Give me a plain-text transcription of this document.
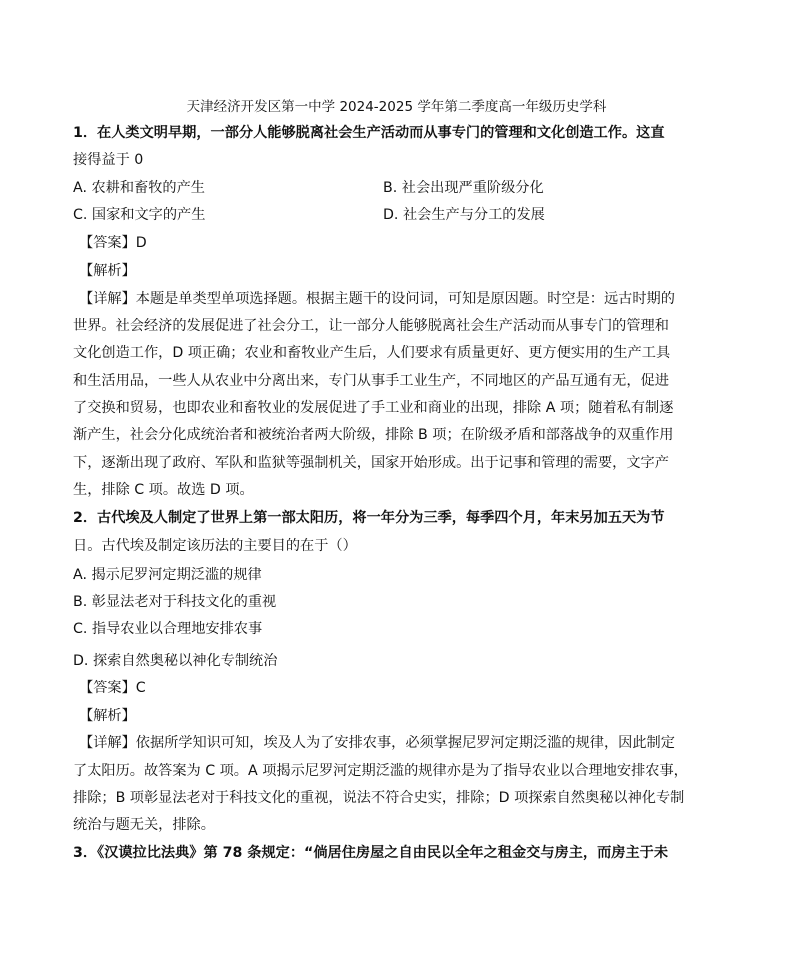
天津经济开发区第一中学 2024-2025 学年第二季度高一年级历史学科
1．在人类文明早期，一部分人能够脱离社会生产活动而从事专门的管理和文化创造工作。这直
接得益于 0
A. 农耕和畜牧的产生	B. 社会出现严重阶级分化
C. 国家和文字的产生	D. 社会生产与分工的发展
【答案】D
【解析】
【详解】本题是单类型单项选择题。根据主题干的设问词，可知是原因题。时空是：远古时期的
世界。社会经济的发展促进了社会分工，让一部分人能够脱离社会生产活动而从事专门的管理和
文化创造工作，D 项正确；农业和畜牧业产生后，人们要求有质量更好、更方便实用的生产工具
和生活用品，一些人从农业中分离出来，专门从事手工业生产，不同地区的产品互通有无，促进
了交换和贸易，也即农业和畜牧业的发展促进了手工业和商业的出现，排除 A 项；随着私有制逐
渐产生，社会分化成统治者和被统治者两大阶级，排除 B 项；在阶级矛盾和部落战争的双重作用
下，逐渐出现了政府、军队和监狱等强制机关，国家开始形成。出于记事和管理的需要，文字产
生，排除 C 项。故选 D 项。
2．古代埃及人制定了世界上第一部太阳历，将一年分为三季，每季四个月，年末另加五天为节
日。古代埃及制定该历法的主要目的在于（）
A. 揭示尼罗河定期泛滥的规律
B. 彰显法老对于科技文化的重视
C. 指导农业以合理地安排农事
D. 探索自然奥秘以神化专制统治
【答案】C
【解析】
【详解】依据所学知识可知，埃及人为了安排农事，必须掌握尼罗河定期泛滥的规律，因此制定
了太阳历。故答案为 C 项。A 项揭示尼罗河定期泛滥的规律亦是为了指导农业以合理地安排农事，
排除；B 项彰显法老对于科技文化的重视，说法不符合史实，排除；D 项探索自然奥秘以神化专制
统治与题无关，排除。
3．《汉谟拉比法典》第 78 条规定：“倘居住房屋之自由民以全年之租金交与房主，而房主于未
